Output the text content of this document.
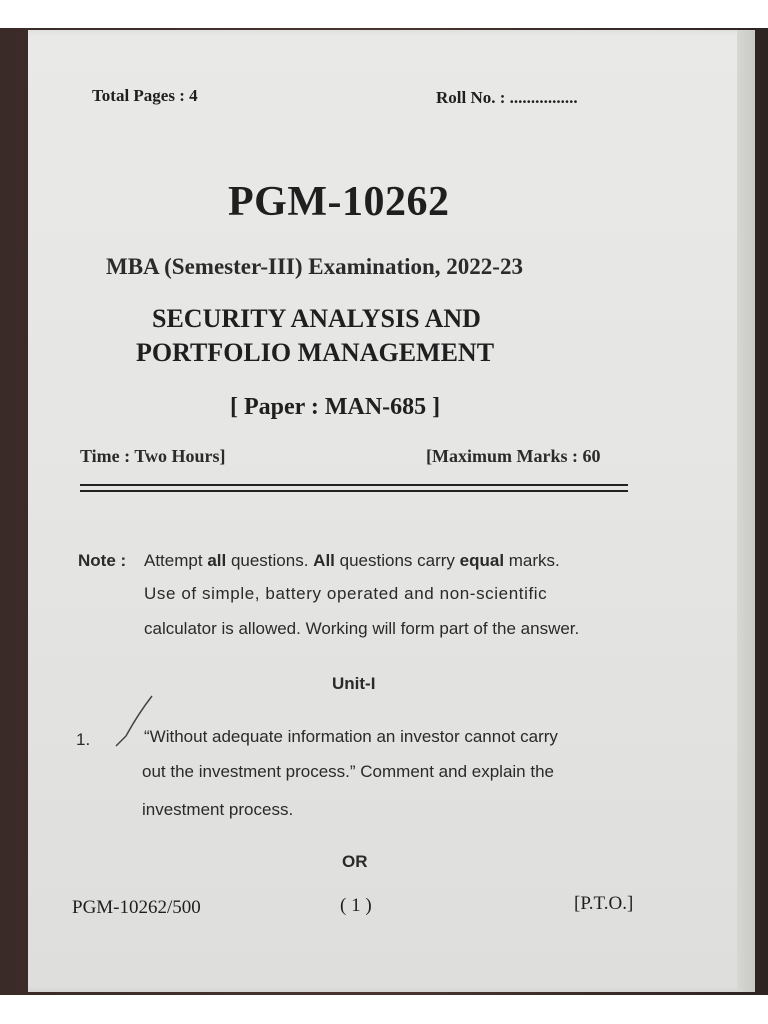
Total Pages : 4	Roll No. : ................
PGM-10262
MBA (Semester-III) Examination, 2022-23
SECURITY ANALYSIS AND
PORTFOLIO MANAGEMENT
[ Paper : MAN-685 ]
Time : Two Hours]	[Maximum Marks : 60
Note : Attempt all questions. All questions carry equal marks.
Use of simple, battery operated and non-scientific
calculator is allowed. Working will form part of the answer.
Unit-I
1.	“Without adequate information an investor cannot carry
out the investment process.” Comment and explain the
investment process.
OR
PGM-10262/500	( 1 )	[P.T.O.]
